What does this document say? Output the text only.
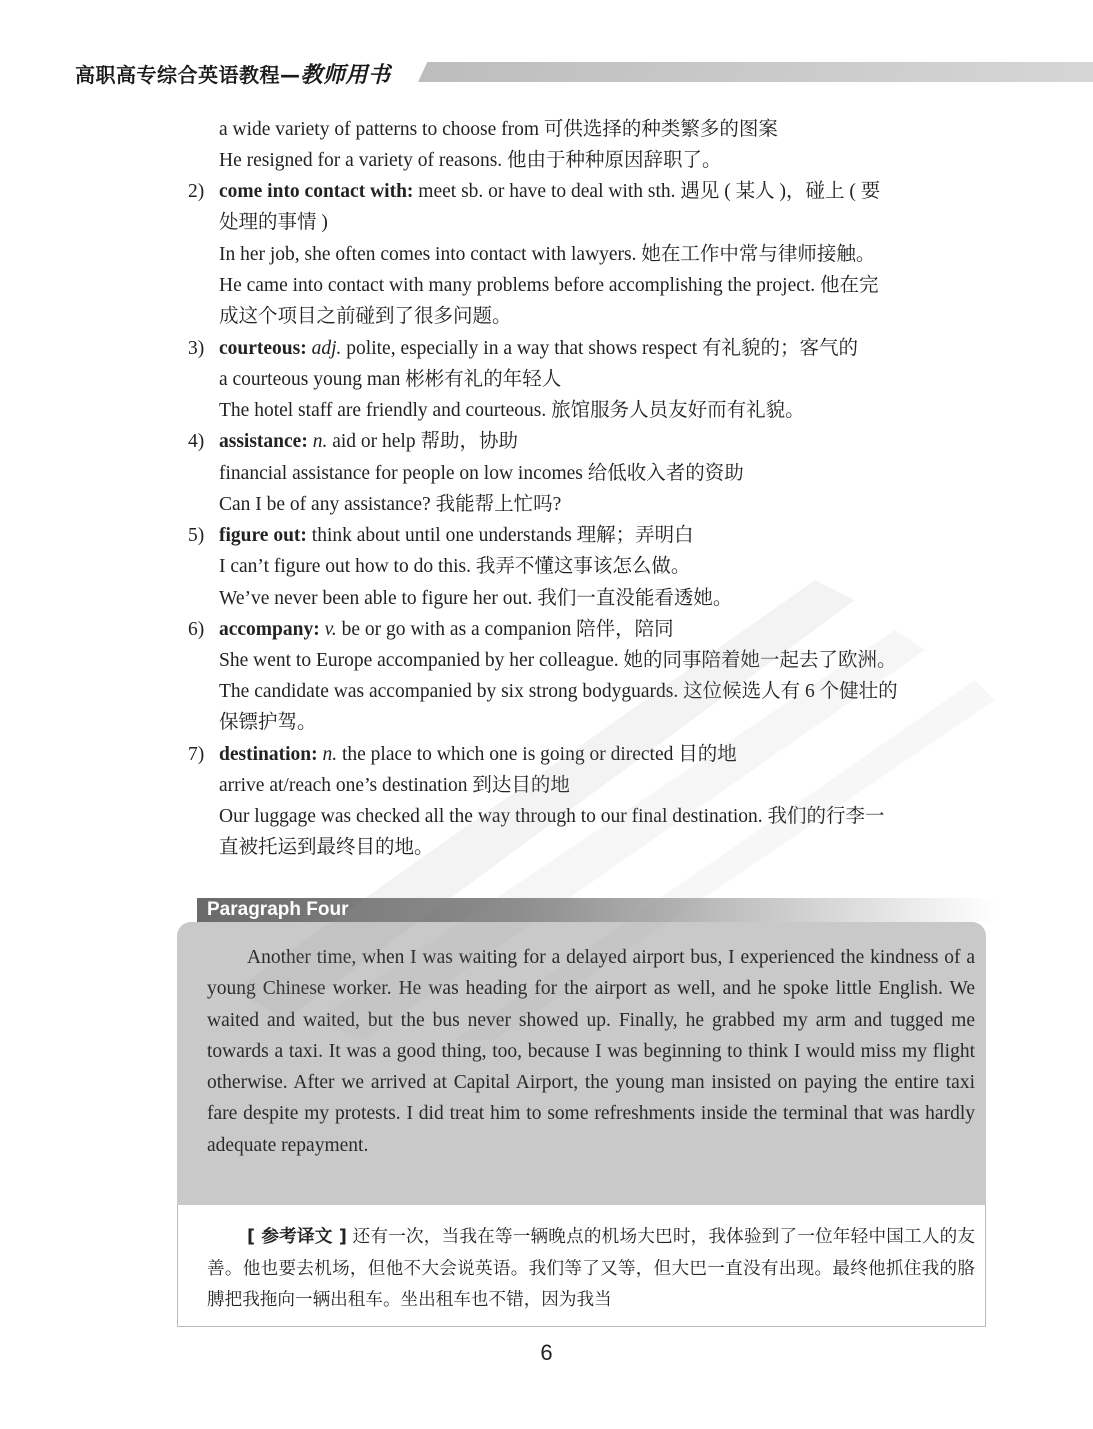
高职高专综合英语教程—教师用书
a wide variety of patterns to choose from 可供选择的种类繁多的图案
He resigned for a variety of reasons. 他由于种种原因辞职了。
2) come into contact with: meet sb. or have to deal with sth. 遇见 ( 某人 )，碰上 ( 要
处理的事情 )
In her job, she often comes into contact with lawyers. 她在工作中常与律师接触。
He came into contact with many problems before accomplishing the project. 他在完
成这个项目之前碰到了很多问题。
3) courteous: adj. polite, especially in a way that shows respect 有礼貌的；客气的
a courteous young man 彬彬有礼的年轻人
The hotel staff are friendly and courteous. 旅馆服务人员友好而有礼貌。
4) assistance: n. aid or help 帮助，协助
financial assistance for people on low incomes 给低收入者的资助
Can I be of any assistance? 我能帮上忙吗?
5) figure out: think about until one understands 理解；弄明白
I can’t figure out how to do this. 我弄不懂这事该怎么做。
We’ve never been able to figure her out. 我们一直没能看透她。
6) accompany: v. be or go with as a companion 陪伴，陪同
She went to Europe accompanied by her colleague. 她的同事陪着她一起去了欧洲。
The candidate was accompanied by six strong bodyguards. 这位候选人有 6 个健壮的
保镖护驾。
7) destination: n. the place to which one is going or directed 目的地
arrive at/reach one’s destination 到达目的地
Our luggage was checked all the way through to our final destination. 我们的行李一
直被托运到最终目的地。
Paragraph Four
Another time, when I was waiting for a delayed airport bus, I experienced the kindness of a young Chinese worker. He was heading for the airport as well, and he spoke little English. We waited and waited, but the bus never showed up. Finally, he grabbed my arm and tugged me towards a taxi. It was a good thing, too, because I was beginning to think I would miss my flight otherwise. After we arrived at Capital Airport, the young man insisted on paying the entire taxi fare despite my protests. I did treat him to some refreshments inside the terminal that was hardly adequate repayment.
[ 参考译文 ] 还有一次，当我在等一辆晚点的机场大巴时，我体验到了一位年轻中国工人的友善。他也要去机场，但他不大会说英语。我们等了又等，但大巴一直没有出现。最终他抓住我的胳膊把我拖向一辆出租车。坐出租车也不错，因为我当
6
